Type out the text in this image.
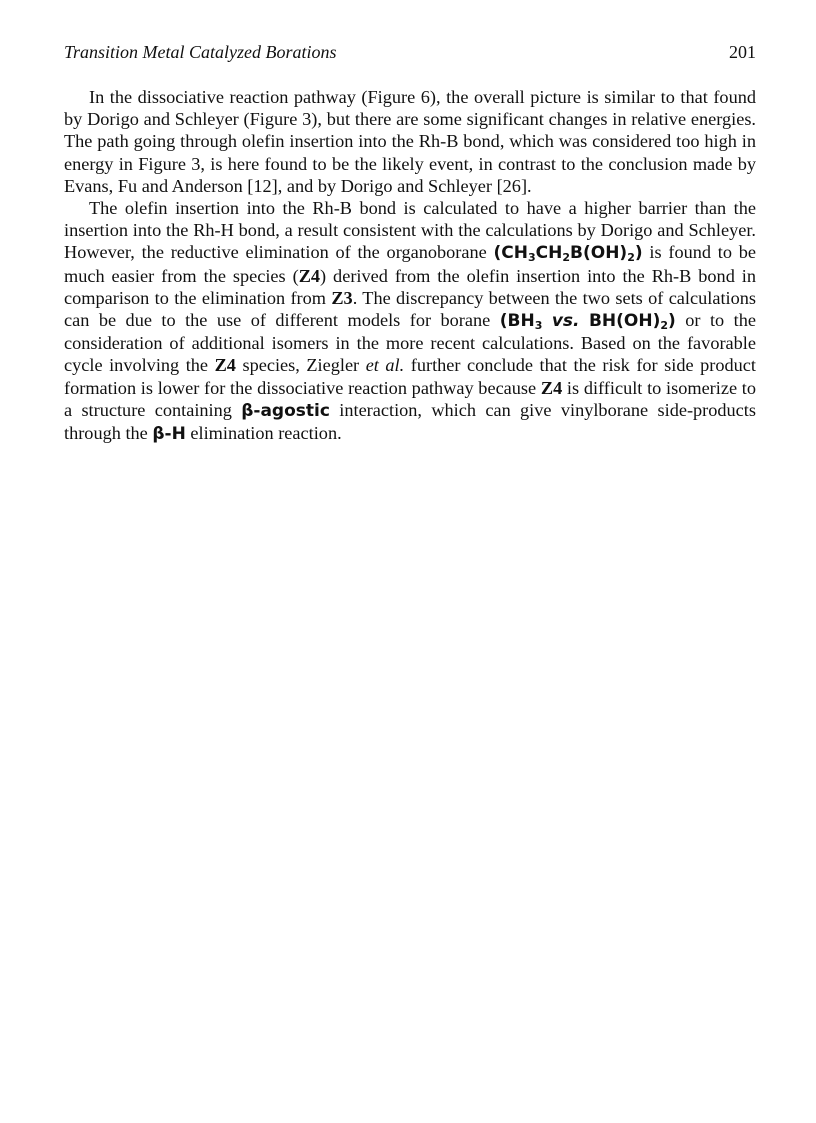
Transition Metal Catalyzed Borations	201

In the dissociative reaction pathway (Figure 6), the overall picture is similar to that found by Dorigo and Schleyer (Figure 3), but there are some significant changes in relative energies. The path going through olefin insertion into the Rh-B bond, which was considered too high in energy in Figure 3, is here found to be the likely event, in contrast to the conclusion made by Evans, Fu and Anderson [12], and by Dorigo and Schleyer [26].

The olefin insertion into the Rh-B bond is calculated to have a higher barrier than the insertion into the Rh-H bond, a result consistent with the calculations by Dorigo and Schleyer. However, the reductive elimination of the organoborane $(CH_3CH_2B(OH)_2)$ is found to be much easier from the species (Z4) derived from the olefin insertion into the Rh-B bond in comparison to the elimination from Z3. The discrepancy between the two sets of calculations can be due to the use of different models for borane ($BH_3$ vs. $BH(OH)_2$) or to the consideration of additional isomers in the more recent calculations. Based on the favorable cycle involving the Z4 species, Ziegler et al. further conclude that the risk for side product formation is lower for the dissociative reaction pathway because Z4 is difficult to isomerize to a structure containing β-agostic interaction, which can give vinylborane side-products through the β-H elimination reaction.
